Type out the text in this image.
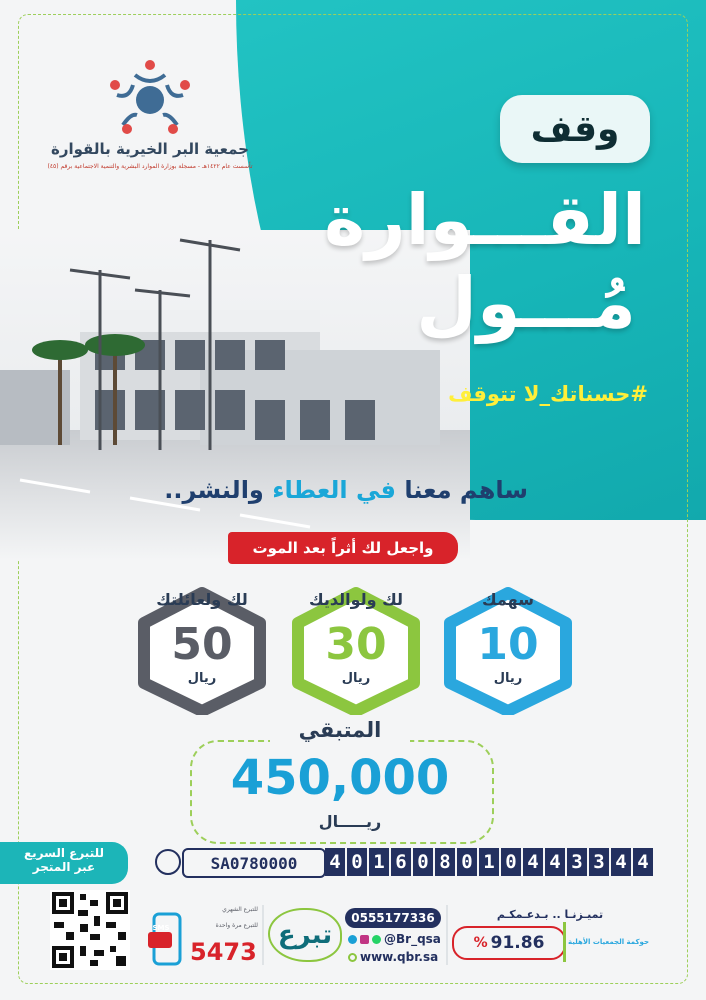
جمعية البر الخيرية بالقوارة
تأسست عام ١٤٢٢هـ - مسجلة بوزارة الموارد البشرية والتنمية الاجتماعية برقم (٤٥)
وقف
القـــوارة
مُـــول
#حسناتك_لا تتوقف
ساهم معنا في العطاء والنشر..
واجعل لك أثراً بعد الموت
سهمك
10
ريال
لك ولوالديك
30
ريال
لك ولعائلتك
50
ريال
المتبقي
450,000
ريـــــال
SA0780000	4 0 1 6 0 8 0 1 0 4 4 3 3 4 4
للتبرع السريع
عبر المتجر
SMS
للتبرع الشهري
للتبرع مرة واحدة
5473
تبرع
0555177336
@Br_qsa
www.qbr.sa
تميـزنـا .. بـدعـمكـم
% 91.86	حوكمة الجمعيات الأهلية
